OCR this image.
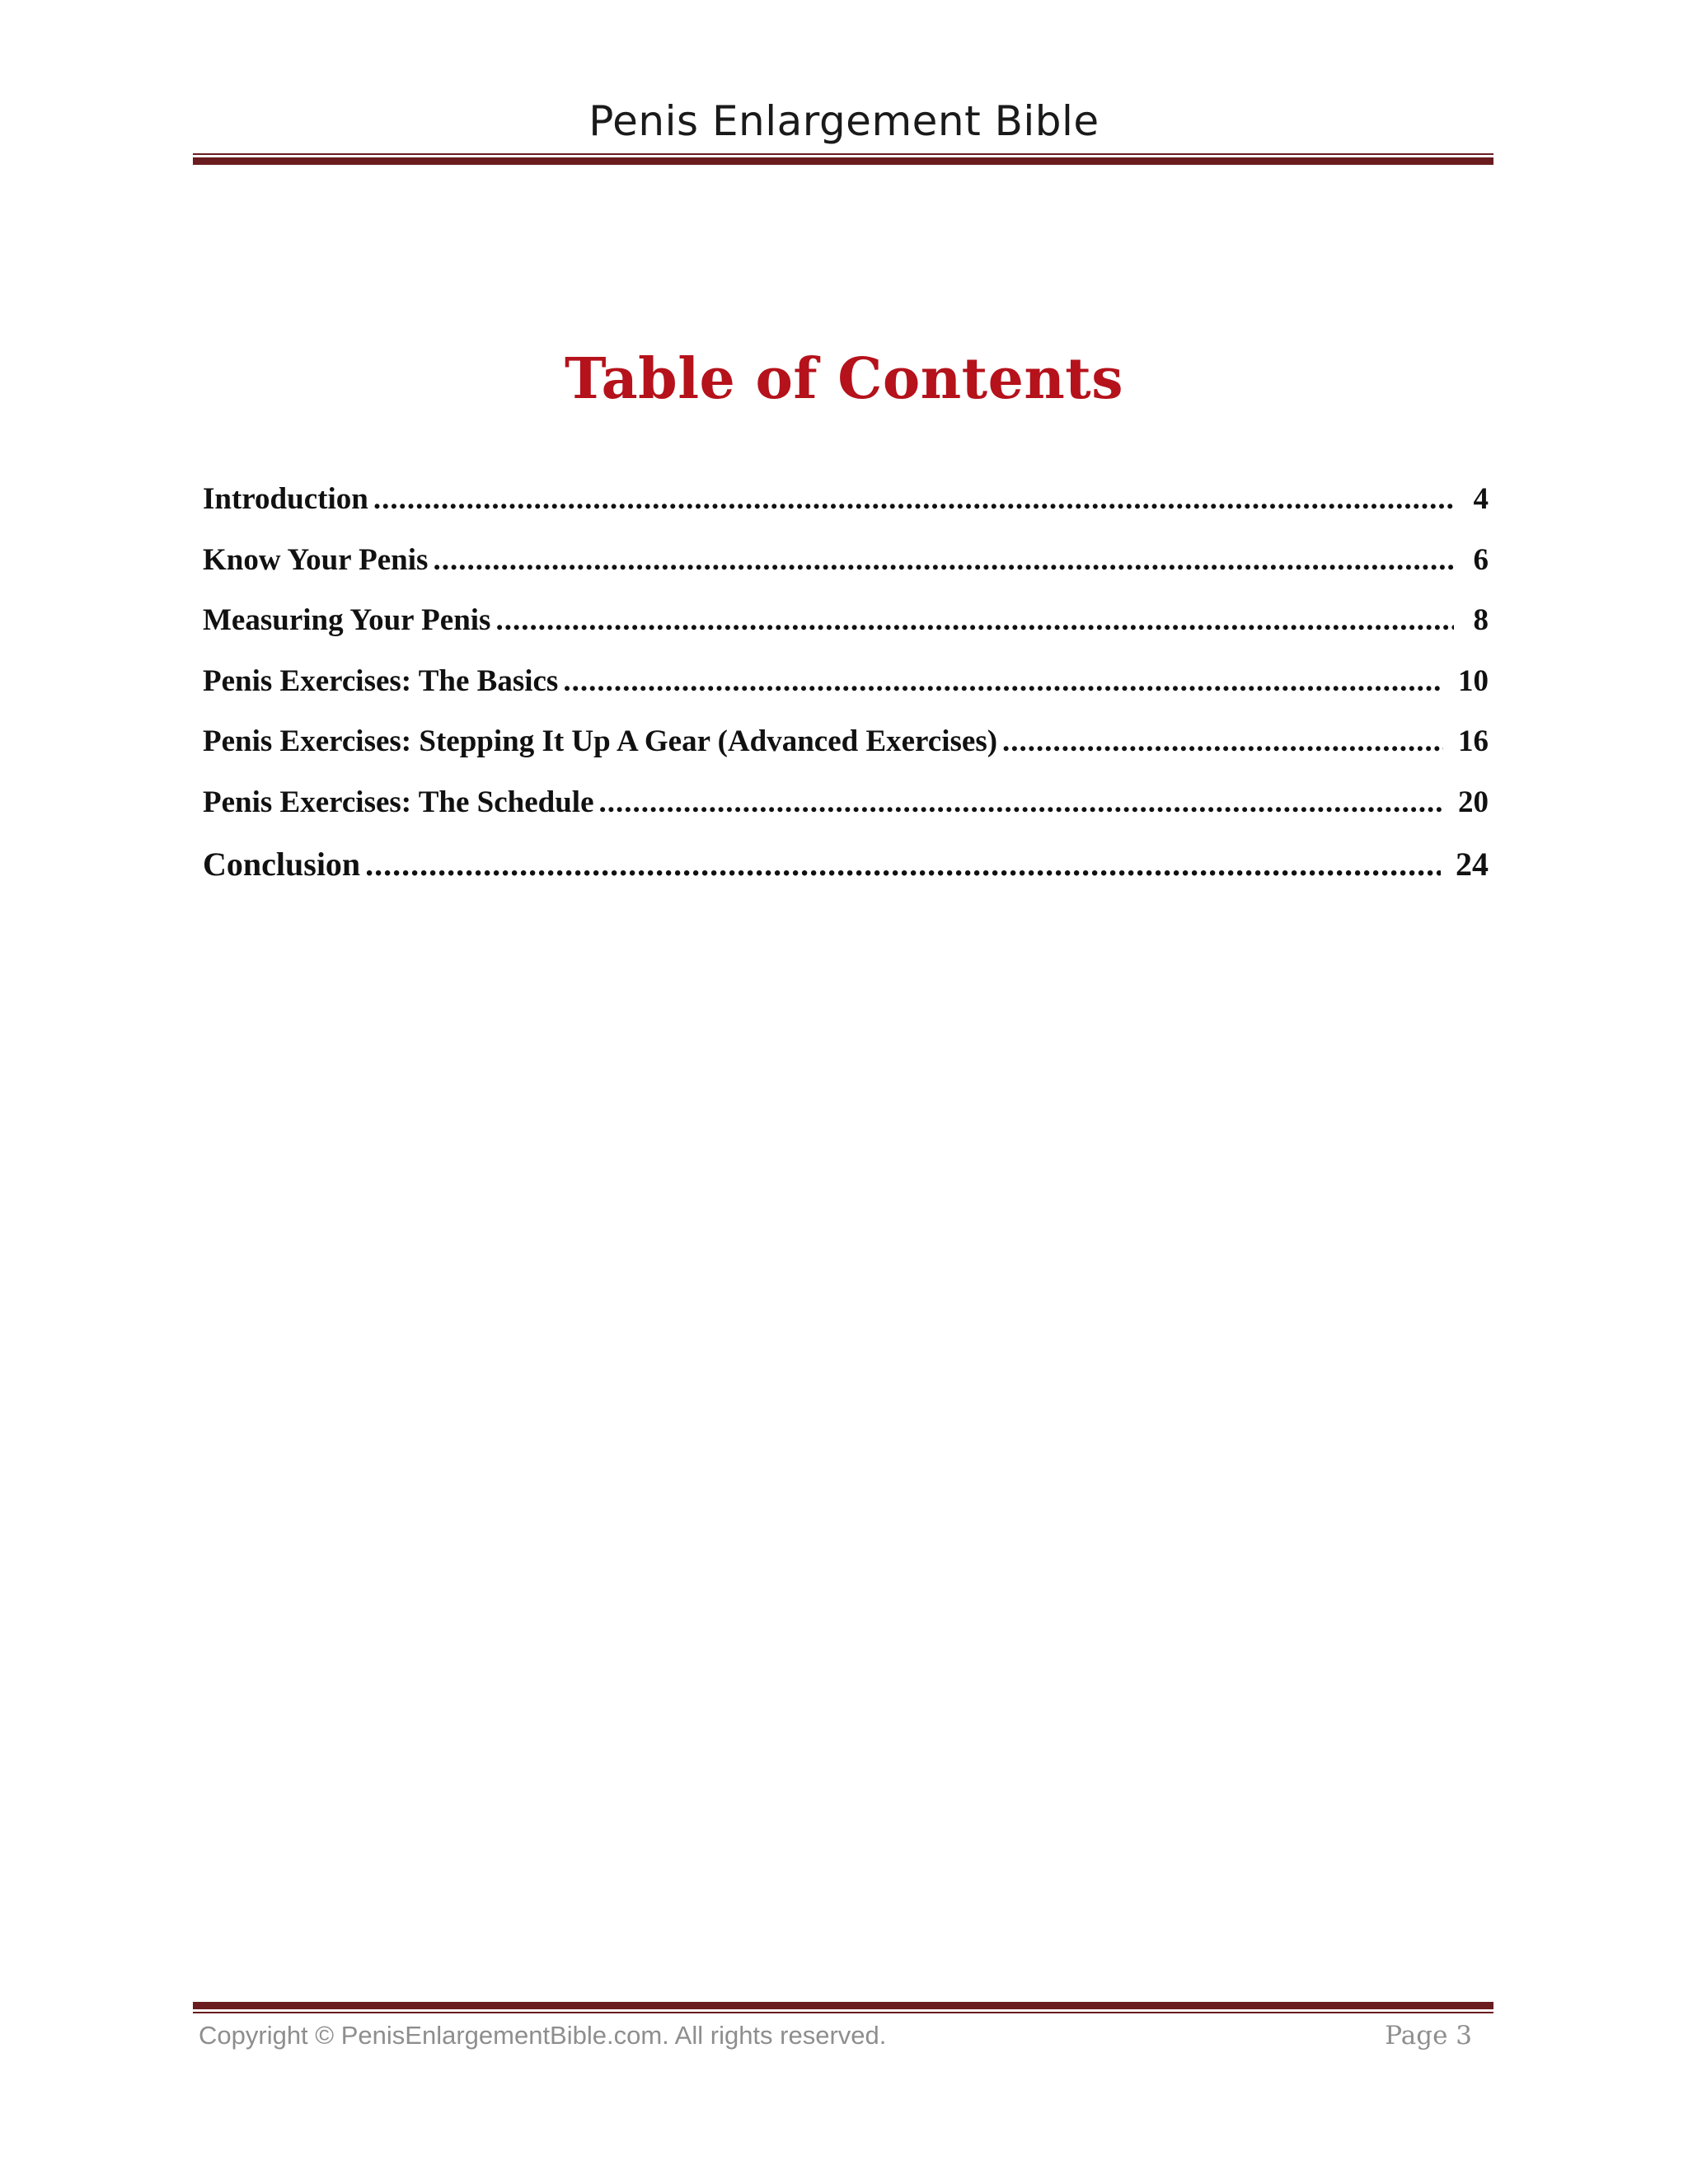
Penis Enlargement Bible
Table of Contents
Introduction .....	4
Know Your Penis .....	6
Measuring Your Penis .....	8
Penis Exercises: The Basics .....	10
Penis Exercises: Stepping It Up A Gear (Advanced Exercises) .....	16
Penis Exercises: The Schedule .....	20
Conclusion .....	24
Copyright © PenisEnlargementBible.com. All rights reserved.	Page 3
